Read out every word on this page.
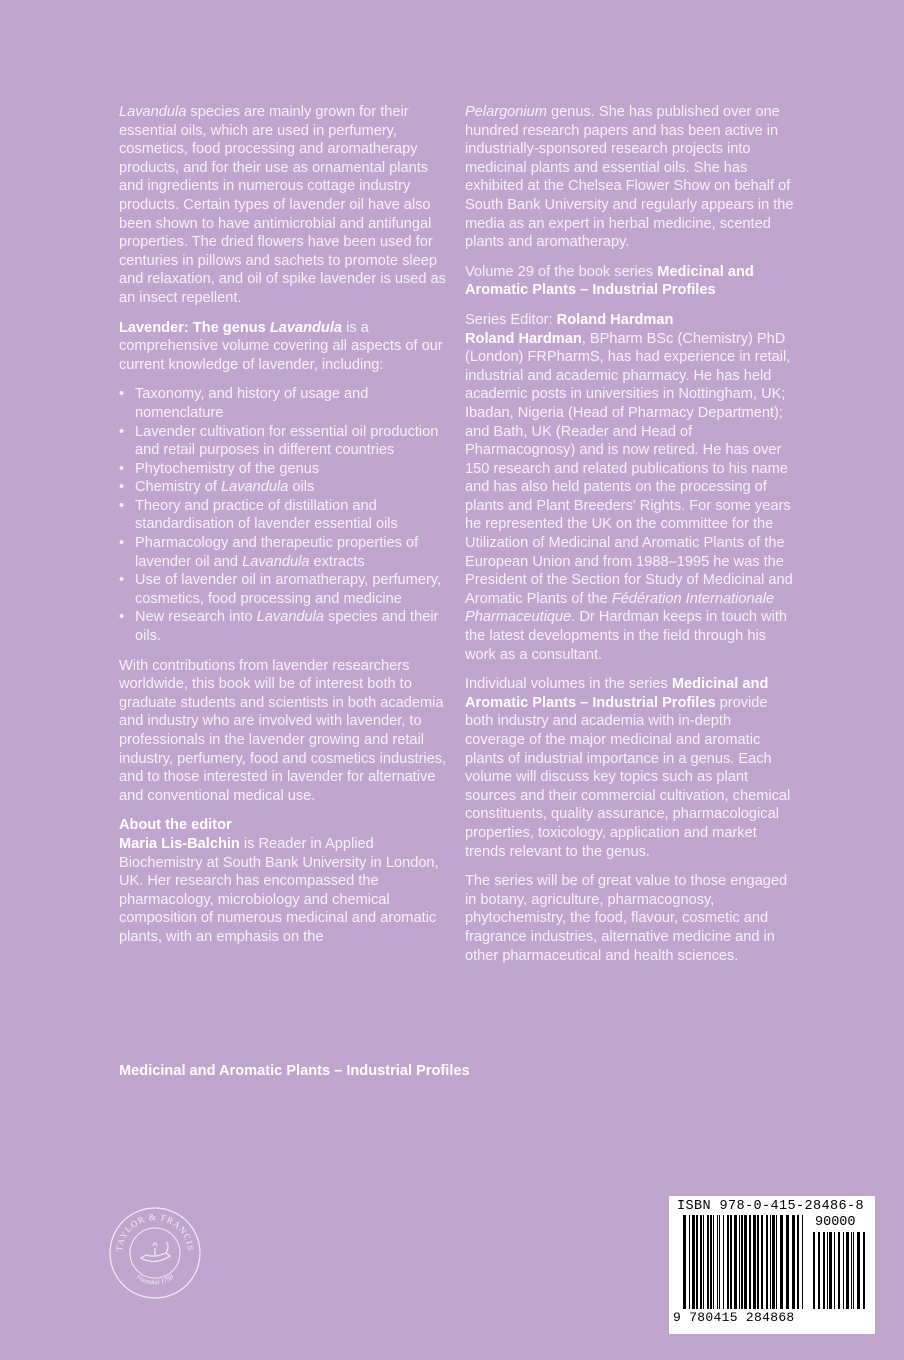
Lavandula species are mainly grown for their essential oils, which are used in perfumery, cosmetics, food processing and aromatherapy products, and for their use as ornamental plants and ingredients in numerous cottage industry products. Certain types of lavender oil have also been shown to have antimicrobial and antifungal properties. The dried flowers have been used for centuries in pillows and sachets to promote sleep and relaxation, and oil of spike lavender is used as an insect repellent.

Lavender: The genus Lavandula is a comprehensive volume covering all aspects of our current knowledge of lavender, including:

• Taxonomy, and history of usage and nomenclature
• Lavender cultivation for essential oil production and retail purposes in different countries
• Phytochemistry of the genus
• Chemistry of Lavandula oils
• Theory and practice of distillation and standardisation of lavender essential oils
• Pharmacology and therapeutic properties of lavender oil and Lavandula extracts
• Use of lavender oil in aromatherapy, perfumery, cosmetics, food processing and medicine
• New research into Lavandula species and their oils.

With contributions from lavender researchers worldwide, this book will be of interest both to graduate students and scientists in both academia and industry who are involved with lavender, to professionals in the lavender growing and retail industry, perfumery, food and cosmetics industries, and to those interested in lavender for alternative and conventional medical use.

About the editor
Maria Lis-Balchin is Reader in Applied Biochemistry at South Bank University in London, UK. Her research has encompassed the pharmacology, microbiology and chemical composition of numerous medicinal and aromatic plants, with an emphasis on the

Pelargonium genus. She has published over one hundred research papers and has been active in industrially-sponsored research projects into medicinal plants and essential oils. She has exhibited at the Chelsea Flower Show on behalf of South Bank University and regularly appears in the media as an expert in herbal medicine, scented plants and aromatherapy.

Volume 29 of the book series Medicinal and Aromatic Plants – Industrial Profiles

Series Editor: Roland Hardman
Roland Hardman, BPharm BSc (Chemistry) PhD (London) FRPharmS, has had experience in retail, industrial and academic pharmacy. He has held academic posts in universities in Nottingham, UK; Ibadan, Nigeria (Head of Pharmacy Department); and Bath, UK (Reader and Head of Pharmacognosy) and is now retired. He has over 150 research and related publications to his name and has also held patents on the processing of plants and Plant Breeders' Rights. For some years he represented the UK on the committee for the Utilization of Medicinal and Aromatic Plants of the European Union and from 1988–1995 he was the President of the Section for Study of Medicinal and Aromatic Plants of the Fédération Internationale Pharmaceutique. Dr Hardman keeps in touch with the latest developments in the field through his work as a consultant.

Individual volumes in the series Medicinal and Aromatic Plants – Industrial Profiles provide both industry and academia with in-depth coverage of the major medicinal and aromatic plants of industrial importance in a genus. Each volume will discuss key topics such as plant sources and their commercial cultivation, chemical constituents, quality assurance, pharmacological properties, toxicology, application and market trends relevant to the genus.

The series will be of great value to those engaged in botany, agriculture, pharmacognosy, phytochemistry, the food, flavour, cosmetic and fragrance industries, alternative medicine and in other pharmaceutical and health sciences.

Medicinal and Aromatic Plants – Industrial Profiles
TAYLOR & FRANCIS
Founded 1798
ISBN 978-0-415-28486-8
90000
9 780415 284868
